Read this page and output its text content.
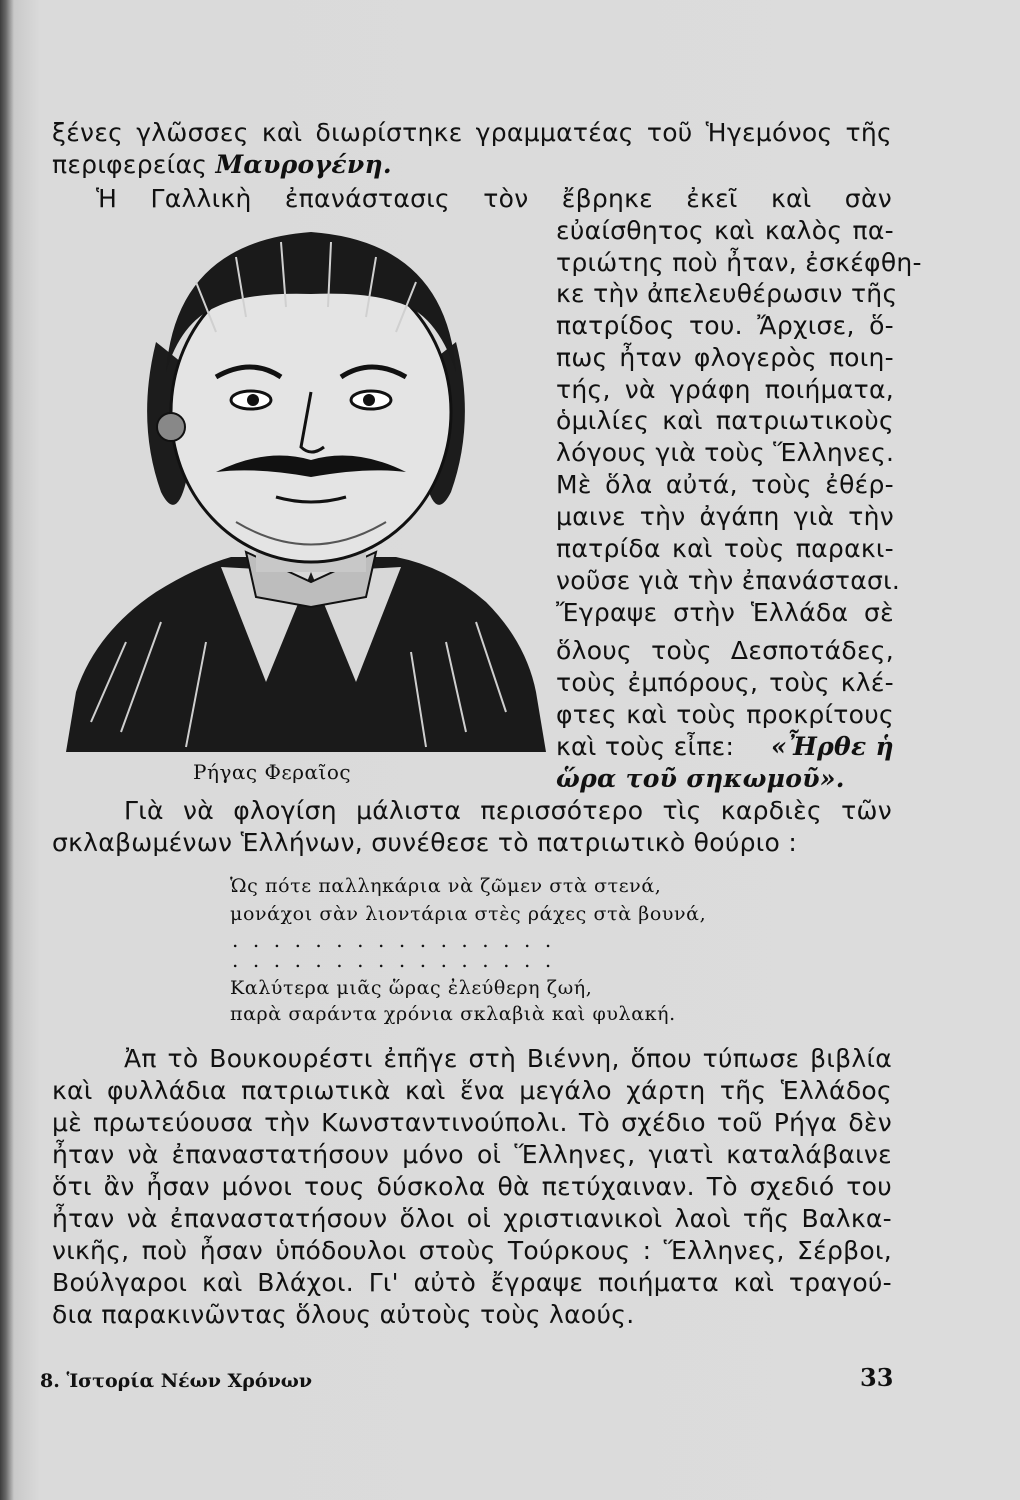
ξένες γλῶσσες καὶ διωρίστηκε γραμματέας τοῦ Ἡγεμόνος τῆς

περιφερείας Μαυρογένη.

Ἡ Γαλλικὴ ἐπανάστασις τὸν ἔβρηκε ἐκεῖ καὶ σὰν

εὐαίσθητος καὶ καλὸς πα-

τριώτης ποὺ ἦταν, ἐσκέφθη-

κε τὴν ἀπελευθέρωσιν τῆς

πατρίδος του. Ἄρχισε, ὅ-

πως ἦταν φλογερὸς ποιη-

τής, νὰ γράφη ποιήματα,

ὁμιλίες καὶ πατριωτικοὺς

λόγους γιὰ τοὺς Ἕλληνες.

Μὲ ὅλα αὐτά, τοὺς ἐθέρ-

μαινε τὴν ἀγάπη γιὰ τὴν

πατρίδα καὶ τοὺς παρακι-

νοῦσε γιὰ τὴν ἐπανάστασι.

Ἔγραψε στὴν Ἑλλάδα σὲ

ὅλους τοὺς Δεσποτάδες,

τοὺς ἐμπόρους, τοὺς κλέ-

φτες καὶ τοὺς προκρίτους

καὶ τοὺς εἶπε: «Ἦρθε ἡ

ὥρα τοῦ σηκωμοῦ».

Ρήγας Φεραῖος

Γιὰ νὰ φλογίση μάλιστα περισσότερο τὶς καρδιὲς τῶν

σκλαβωμένων Ἑλλήνων, συνέθεσε τὸ πατριωτικὸ θούριο :

Ὡς πότε παλληκάρια νὰ ζῶμεν στὰ στενά,

μονάχοι σὰν λιοντάρια στὲς ράχες στὰ βουνά,

................

................

Καλύτερα μιᾶς ὥρας ἐλεύθερη ζωή,

παρὰ σαράντα χρόνια σκλαβιὰ καὶ φυλακή.

Ἀπ τὸ Βουκουρέστι ἐπῆγε στὴ Βιέννη, ὅπου τύπωσε βιβλία

καὶ φυλλάδια πατριωτικὰ καὶ ἕνα μεγάλο χάρτη τῆς Ἑλλάδος

μὲ πρωτεύουσα τὴν Κωνσταντινούπολι. Τὸ σχέδιο τοῦ Ρήγα δὲν

ἦταν νὰ ἐπαναστατήσουν μόνο οἱ Ἕλληνες, γιατὶ καταλάβαινε

ὅτι ἂν ἦσαν μόνοι τους δύσκολα θὰ πετύχαιναν. Τὸ σχεδιό του

ἦταν νὰ ἐπαναστατήσουν ὅλοι οἱ χριστιανικοὶ λαοὶ τῆς Βαλκα-

νικῆς, ποὺ ἦσαν ὑπόδουλοι στοὺς Τούρκους : Ἕλληνες, Σέρβοι,

Βούλγαροι καὶ Βλάχοι. Γι' αὐτὸ ἔγραψε ποιήματα καὶ τραγού-

δια παρακινῶντας ὅλους αὐτοὺς τοὺς λαούς.

8. Ἱστορία Νέων Χρόνων	33
